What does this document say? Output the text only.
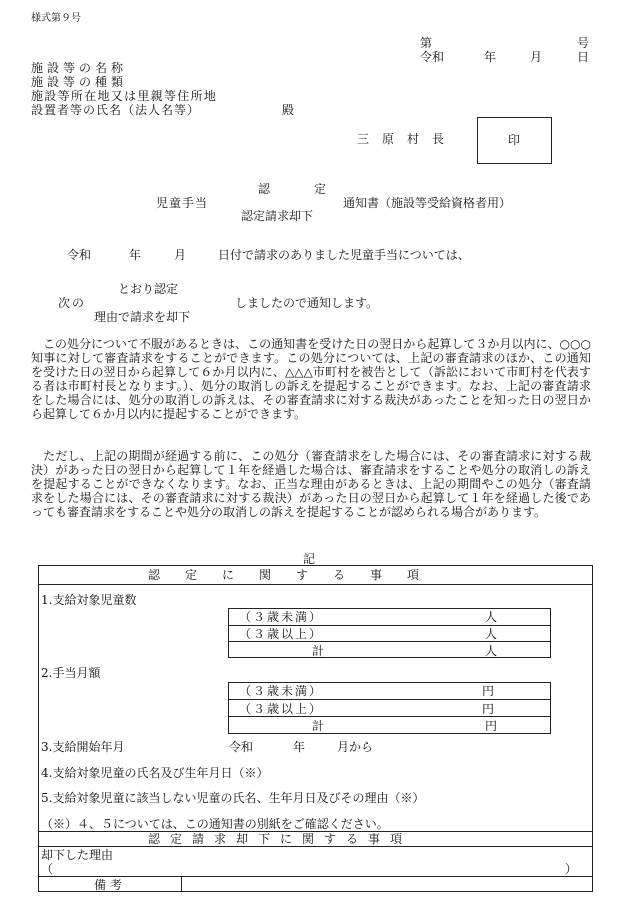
様式第９号
第	号
令和	年	月	日
施設等の名称
施設等の種類
施設等所在地又は里親等住所地
設置者等の氏名（法人名等）	殿
三原村長	印
認　定
児童手当
認定請求却下
通知書（施設等受給資格者用）
令和	年	月	日付で請求のありました児童手当については、
とおり認定
次の
理由で請求を却下
しましたので通知します。
　この処分について不服があるときは、この通知書を受けた日の翌日から起算して３か月以内に、○○○知事に対して審査請求をすることができます。この処分については、上記の審査請求のほか、この通知を受けた日の翌日から起算して６か月以内に、△△△市町村を被告として（訴訟において市町村を代表する者は市町村長となります。）、処分の取消しの訴えを提起することができます。なお、上記の審査請求をした場合には、処分の取消しの訴えは、その審査請求に対する裁決があったことを知った日の翌日から起算して６か月以内に提起することができます。
　ただし、上記の期間が経過する前に、この処分（審査請求をした場合には、その審査請求に対する裁決）があった日の翌日から起算して１年を経過した場合は、審査請求をすることや処分の取消しの訴えを提起することができなくなります。なお、正当な理由があるときは、上記の期間やこの処分（審査請求をした場合には、その審査請求に対する裁決）があった日の翌日から起算して１年を経過した後であっても審査請求をすることや処分の取消しの訴えを提起することが認められる場合があります。
記
認定に関する事項
1.支給対象児童数
（３歳未満）	人
（３歳以上）	人
計	人
2.手当月額
（３歳未満）	円
（３歳以上）	円
計	円
3.支給開始年月	令和	年	月から
4.支給対象児童の氏名及び生年月日（※）
5.支給対象児童に該当しない児童の氏名、生年月日及びその理由（※）
（※）４、５については、この通知書の別紙をご確認ください。
認定請求却下に関する事項
却下した理由
（	）
備考
